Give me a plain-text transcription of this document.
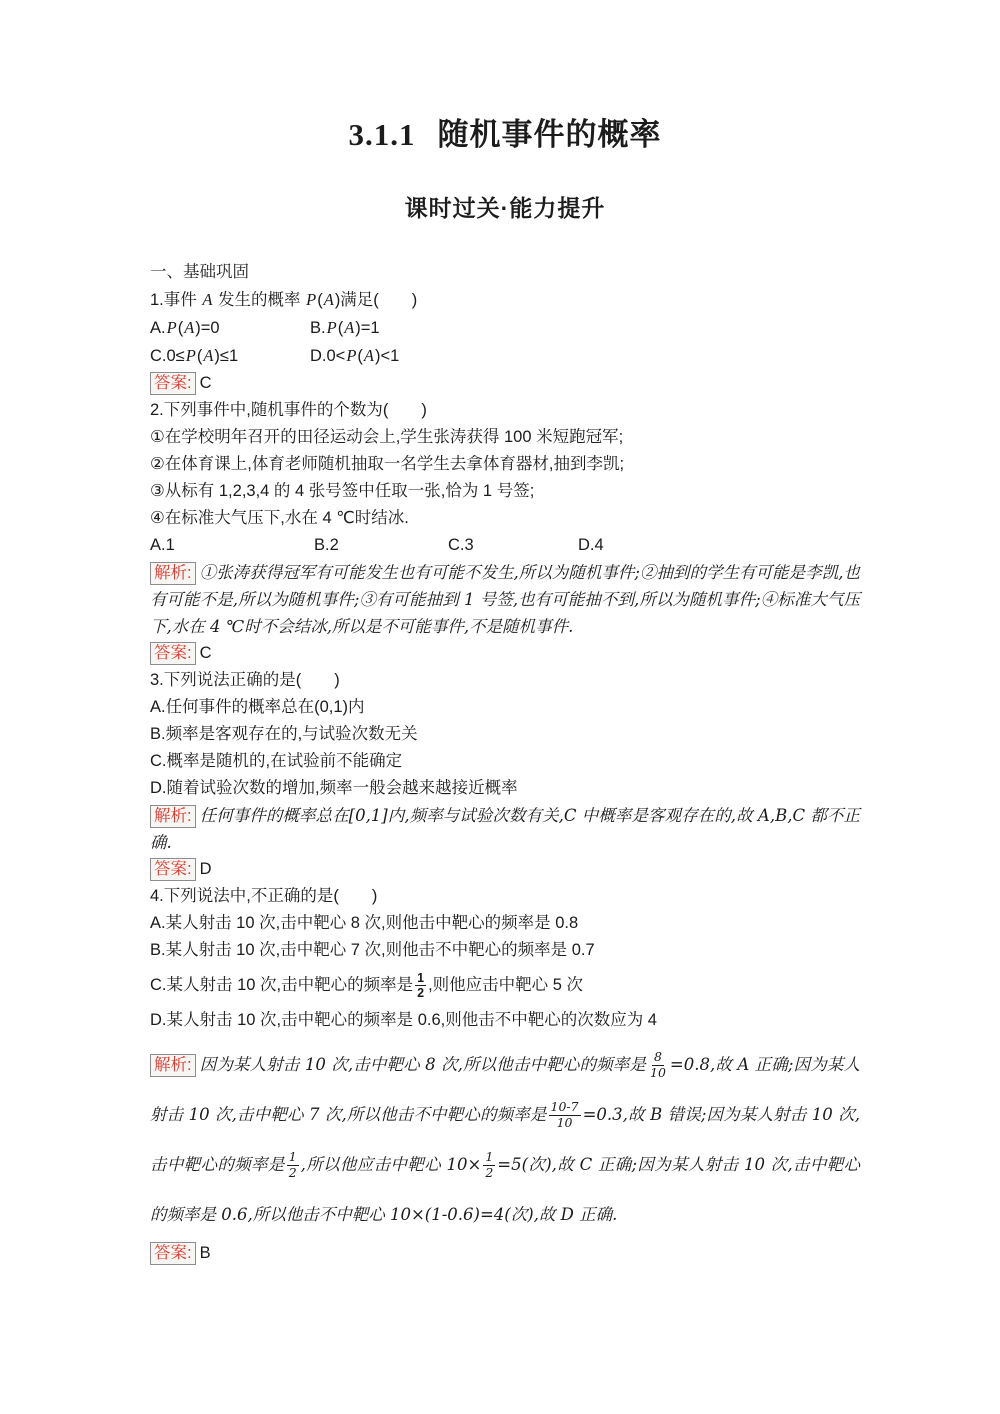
3.1.1 随机事件的概率
课时过关·能力提升
一、基础巩固
1.事件 A 发生的概率 P(A)满足(　　)
A.P(A)=0	B.P(A)=1
C.0≤P(A)≤1	D.0<P(A)<1
答案: C
2.下列事件中,随机事件的个数为(　　)
①在学校明年召开的田径运动会上,学生张涛获得 100 米短跑冠军;
②在体育课上,体育老师随机抽取一名学生去拿体育器材,抽到李凯;
③从标有 1,2,3,4 的 4 张号签中任取一张,恰为 1 号签;
④在标准大气压下,水在 4 ℃时结冰.
A.1	B.2	C.3	D.4
解析: ①张涛获得冠军有可能发生也有可能不发生,所以为随机事件;②抽到的学生有可能是李凯,也有可能不是,所以为随机事件;③有可能抽到 1 号签,也有可能抽不到,所以为随机事件;④标准大气压下,水在 4 ℃时不会结冰,所以是不可能事件,不是随机事件.
答案: C
3.下列说法正确的是(　　)
A.任何事件的概率总在(0,1)内
B.频率是客观存在的,与试验次数无关
C.概率是随机的,在试验前不能确定
D.随着试验次数的增加,频率一般会越来越接近概率
解析: 任何事件的概率总在[0,1]内,频率与试验次数有关,C 中概率是客观存在的,故 A,B,C 都不正确.
答案: D
4.下列说法中,不正确的是(　　)
A.某人射击 10 次,击中靶心 8 次,则他击中靶心的频率是 0.8
B.某人射击 10 次,击中靶心 7 次,则他击不中靶心的频率是 0.7
C.某人射击 10 次,击中靶心的频率是 $\frac{1}{2}$ ,则他应击中靶心 5 次
D.某人射击 10 次,击中靶心的频率是 0.6,则他击不中靶心的次数应为 4
解析: 因为某人射击 10 次,击中靶心 8 次,所以他击中靶心的频率是 $\frac{8}{10} =0.8$,故 A 正确;因为某人射击 10 次,击中靶心 7 次,所以他击不中靶心的频率是 $\frac{10-7}{10} =0.3$,故 B 错误;因为某人射击 10 次,击中靶心的频率是 $\frac{1}{2}$ ,所以他应击中靶心 $10\times \frac{1}{2} =5$(次),故 C 正确;因为某人射击 10 次,击中靶心的频率是 0.6,所以他击不中靶心 10×(1-0.6)=4(次),故 D 正确.
答案: B
